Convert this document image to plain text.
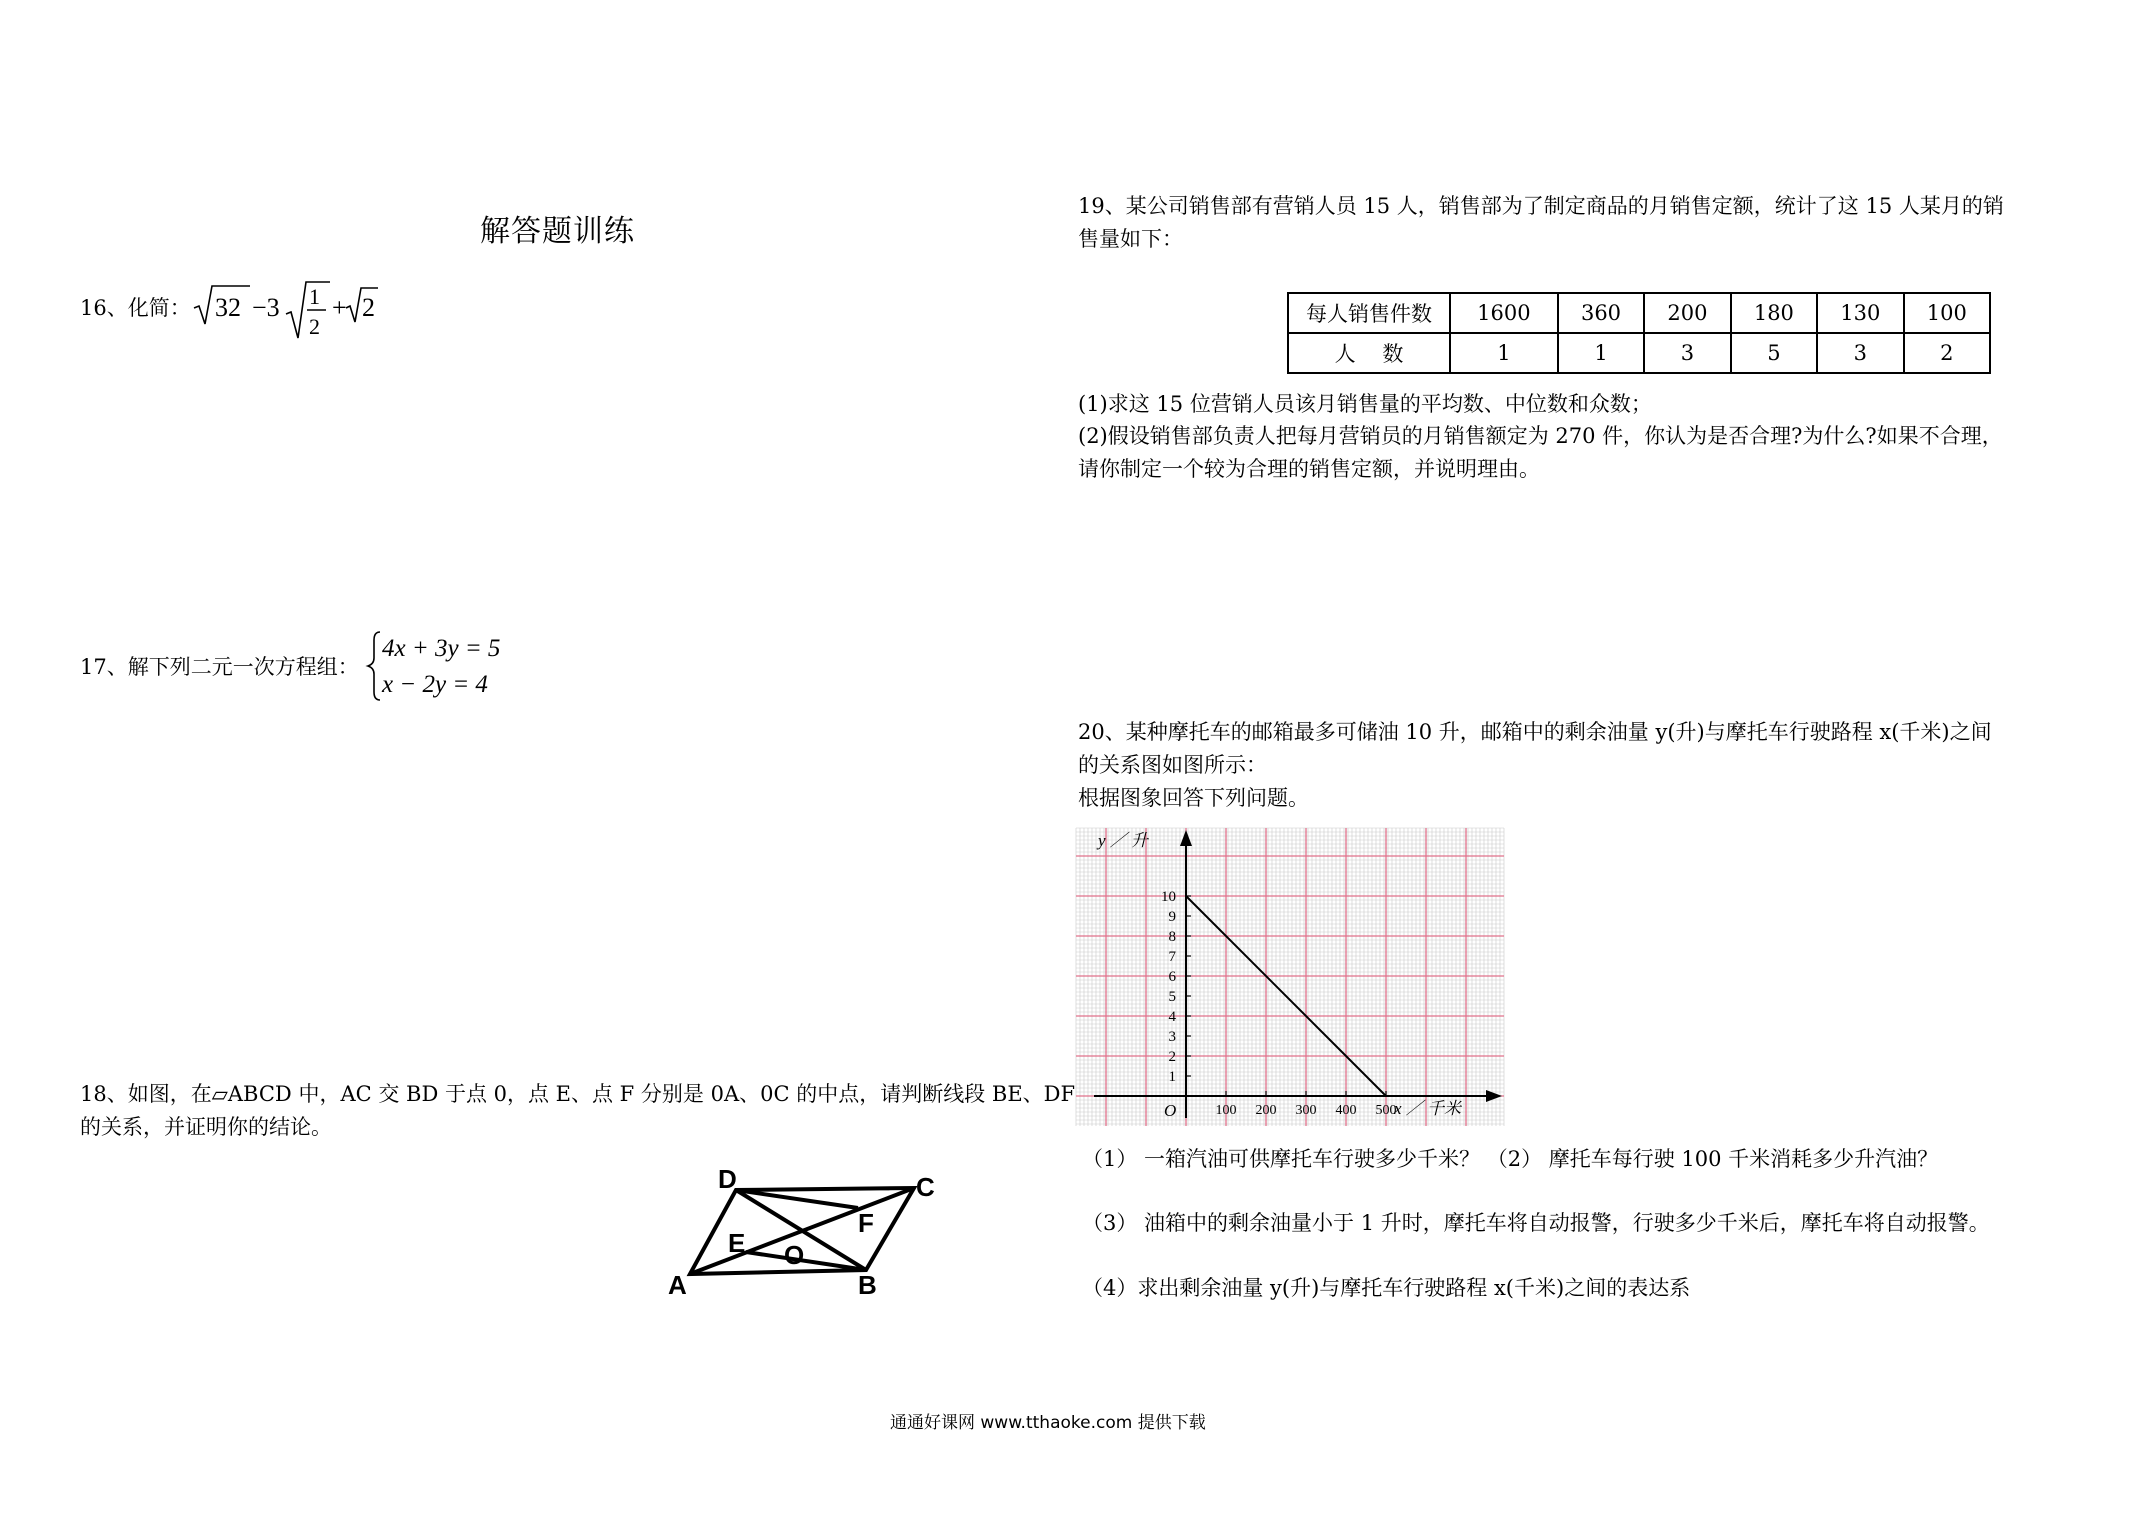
解答题训练
16、化简： 32 −3 1
2
+ 2
17、解下列二元一次方程组：
4x + 3y = 5
x − 2y = 4
18、如图，在▱ABCD 中，AC 交 BD 于点 0，点 E、点 F 分别是 0A、0C 的中点，请判断线段 BE、DF
的关系，并证明你的结论。
A	B
C
D
E
F
O
19、某公司销售部有营销人员 15 人，销售部为了制定商品的月销售定额，统计了这 15 人某月的销
售量如下：
每人销售件数	1600	360	200	180	130	100
人    数	1	1	3	5	3	2
(1)求这 15 位营销人员该月销售量的平均数、中位数和众数；
(2)假设销售部负责人把每月营销员的月销售额定为 270 件，你认为是否合理?为什么?如果不合理，
请你制定一个较为合理的销售定额，并说明理由。
20、某种摩托车的邮箱最多可储油 10 升，邮箱中的剩余油量 y(升)与摩托车行驶路程 x(千米)之间
的关系图如图所示：
根据图象回答下列问题。
100 200 300 400 500
1
2
3
4
5
6
7
8
9
10
y ／ 升
x ／ 千米
O
（1） 一箱汽油可供摩托车行驶多少千米？ （2） 摩托车每行驶 100 千米消耗多少升汽油？
（3） 油箱中的剩余油量小于 1 升时，摩托车将自动报警，行驶多少千米后，摩托车将自动报警。
（4）求出剩余油量 y(升)与摩托车行驶路程 x(千米)之间的表达系
通通好课网 www.tthaoke.com 提供下载
